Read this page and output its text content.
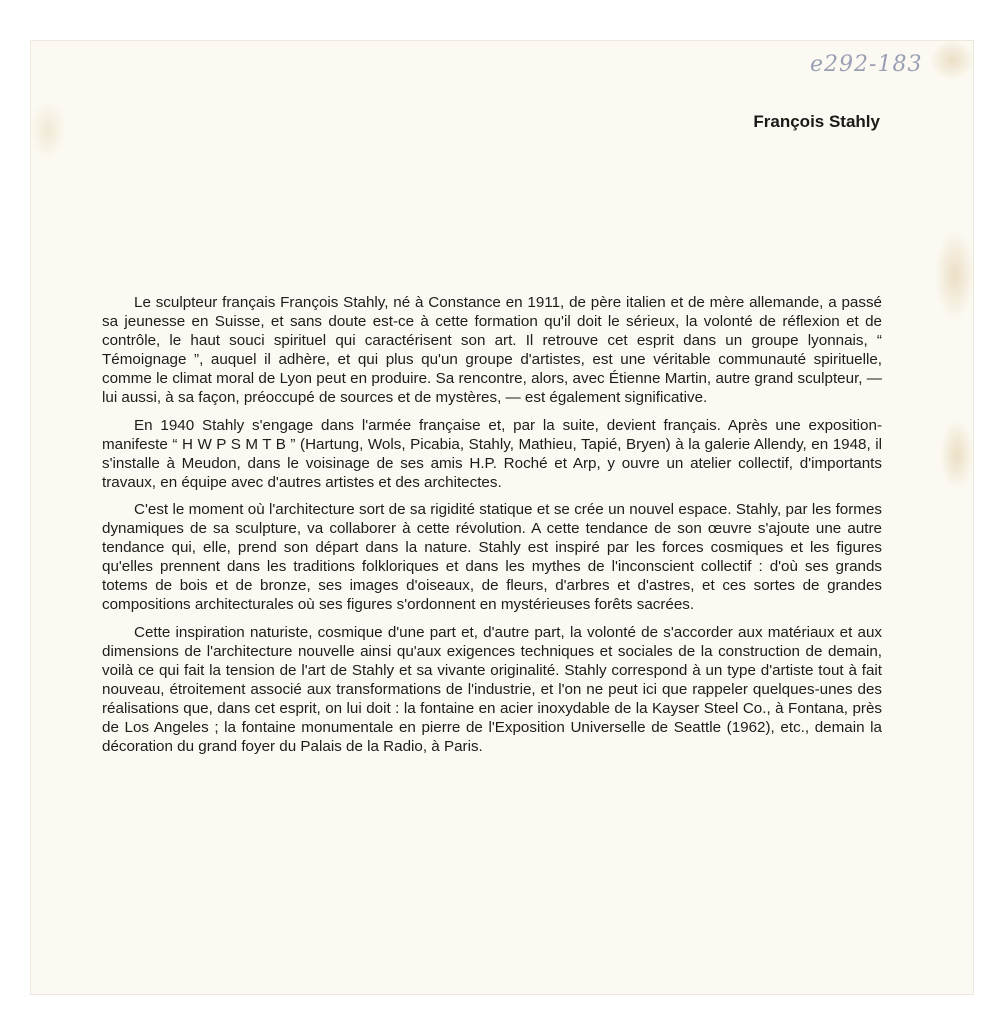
e292-183
François Stahly

Le sculpteur français François Stahly, né à Constance en 1911, de père italien et de mère allemande, a passé sa jeunesse en Suisse, et sans doute est-ce à cette formation qu'il doit le sérieux, la volonté de réflexion et de contrôle, le haut souci spirituel qui caractérisent son art. Il retrouve cet esprit dans un groupe lyonnais, “ Témoignage ”, auquel il adhère, et qui plus qu'un groupe d'artistes, est une véritable communauté spirituelle, comme le climat moral de Lyon peut en produire. Sa rencontre, alors, avec Étienne Martin, autre grand sculpteur, — lui aussi, à sa façon, préoccupé de sources et de mystères, — est également significative.

En 1940 Stahly s'engage dans l'armée française et, par la suite, devient français. Après une exposition-manifeste “ H W P S M T B ” (Hartung, Wols, Picabia, Stahly, Mathieu, Tapié, Bryen) à la galerie Allendy, en 1948, il s'installe à Meudon, dans le voisinage de ses amis H.P. Roché et Arp, y ouvre un atelier collectif, d'importants travaux, en équipe avec d'autres artistes et des architectes.

C'est le moment où l'architecture sort de sa rigidité statique et se crée un nouvel espace. Stahly, par les formes dynamiques de sa sculpture, va collaborer à cette révolution. A cette tendance de son œuvre s'ajoute une autre tendance qui, elle, prend son départ dans la nature. Stahly est inspiré par les forces cosmiques et les figures qu'elles prennent dans les traditions folkloriques et dans les mythes de l'inconscient collectif : d'où ses grands totems de bois et de bronze, ses images d'oiseaux, de fleurs, d'arbres et d'astres, et ces sortes de grandes compositions architecturales où ses figures s'ordonnent en mystérieuses forêts sacrées.

Cette inspiration naturiste, cosmique d'une part et, d'autre part, la volonté de s'accorder aux matériaux et aux dimensions de l'architecture nouvelle ainsi qu'aux exigences techniques et sociales de la construction de demain, voilà ce qui fait la tension de l'art de Stahly et sa vivante originalité. Stahly correspond à un type d'artiste tout à fait nouveau, étroitement associé aux transformations de l'industrie, et l'on ne peut ici que rappeler quelques-unes des réalisations que, dans cet esprit, on lui doit : la fontaine en acier inoxydable de la Kayser Steel Co., à Fontana, près de Los Angeles ; la fontaine monumentale en pierre de l'Exposition Universelle de Seattle (1962), etc., demain la décoration du grand foyer du Palais de la Radio, à Paris.
